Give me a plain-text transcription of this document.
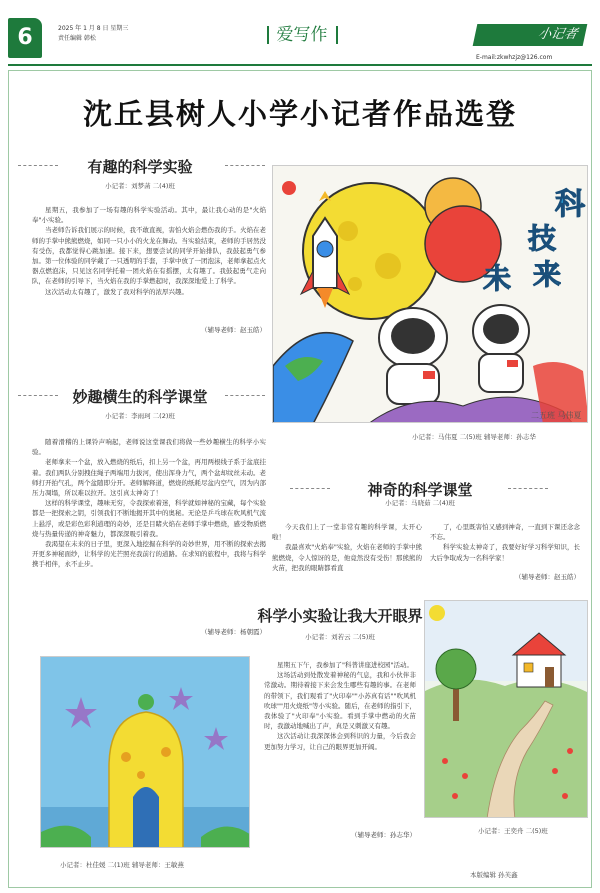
6	2025 年 1 月 8 日 星期三
责任编辑 韩松	爱写作	小记者
E-mail:zkwhzjz@126.com
沈丘县树人小学小记者作品选登
有趣的科学实验
小记者：刘梦菡 二(4)班

星期五，我参加了一场有趣的科学实验活动。其中，最让我心动的是"火焰奉"小实验。

当老师告诉我们展示的时候，我不敢直视，害怕火焰会燃伤我的手。火焰在老师的手掌中熊熊燃烧，如同一只小小的火龙在舞动。当实验结束，老师的手居然没有受伤，我都觉得心跳加速。接下来，想要尝试的同学开始排队，我鼓起勇气参加。第一位体验的同学戴了一只透明的手套，手掌中放了一团泡沫，老师拿起点火器点燃泡沫，只见这名同学托着一团火焰在有摇摆，太有趣了。我鼓起勇气走向队，在老师的引导下，当火焰在我的手掌燃起时，我深深地爱上了科学。

这次活动太有趣了，激发了我对科学的浓厚兴趣。

（辅导老师：赵玉皓）
妙趣横生的科学课堂
小记者：李雨珂 二(2)班

随着滑稽的上课铃声响起，老师说这堂课我们将做一些妙趣横生的科学小实验。

老师拿来一个盆，放入燃烧的纸后，扣上另一个盆，再用两根线子系于盆底挂着。我们两队分别拽住绳子两端用力拔河，使出浑身力气，两个盆却纹丝未动。老师打开拍气孔，两个盆随即分开。老师解释道，燃烧的纸耗尽盆内空气，因为内部压力凋塌，所以难以拉开。这引真太神奇了！

这样的科学课堂，趣味无穷，令我探索着迷，科学就如神秘的宝藏，每个实验都是一把探索之钥，引领我们不断地揭开其中的奥秘。无论是乒乓球在吹风机气流上悬浮，或是彩色彩利道理的奇妙，还是目睹火焰在老师手掌中燃烧，感受物质燃烧与热量传递的神奇魅力，都深深吸引着我。

我渴望在未来的日子里，更深入地挖掘在科学的奇妙世界，用不断的探索去揭开更多神秘面纱，让科学的光芒照亮我前行的道路。在求知的旅程中，我将与科学携手相伴，永不止步。

（辅导老师：杨朝霞）
科
技
未 来
二五班 马伟夏
小记者：马伟夏 二(5)班 辅导老师：孙志华
神奇的科学课堂
小记者：马晓茹 二(4)班

今天我们上了一堂非常有趣的科学课，太开心啦！

我最喜欢"火焰奉"实验，火焰在老师的手掌中熊熊燃烧，令人惊讶的是，他竟然没有受伤！那熊熊的火苗，把我的眼睛都看直

了，心里既害怕又感到神奇，一直到下课还念念不忘。

科学实验太神奇了，我要好好学习科学知识，长大后争取成为一名科学家！

（辅导老师：赵玉皓）
科学小实验让我大开眼界
小记者：刘若云 二(5)班

星期五下午，我参加了"科普讲座进校园"活动。

这场活动到处散发着神秘的气息，我和小伙伴非常激动。期待着接下来会发生哪些有趣的事。在老师的带领下，我们观看了"火印奉""小苏真有话""吹风机吹球""用火烧纸"等小实验。随后，在老师的指引下，我体验了"火印奉"小实验。看到手掌中燃动的火苗时，我激动地喊出了声，真是又刺激又有趣。

这次活动让我深深体会到科识的力量，今后我会更加努力学习，让自己的眼界更加开阔。

（辅导老师：孙志华）	小记者：王奕舟 二(5)班
小记者：杜佳媛 二(1)班 辅导老师：王敏燕
本版编辑 孙芙鑫
